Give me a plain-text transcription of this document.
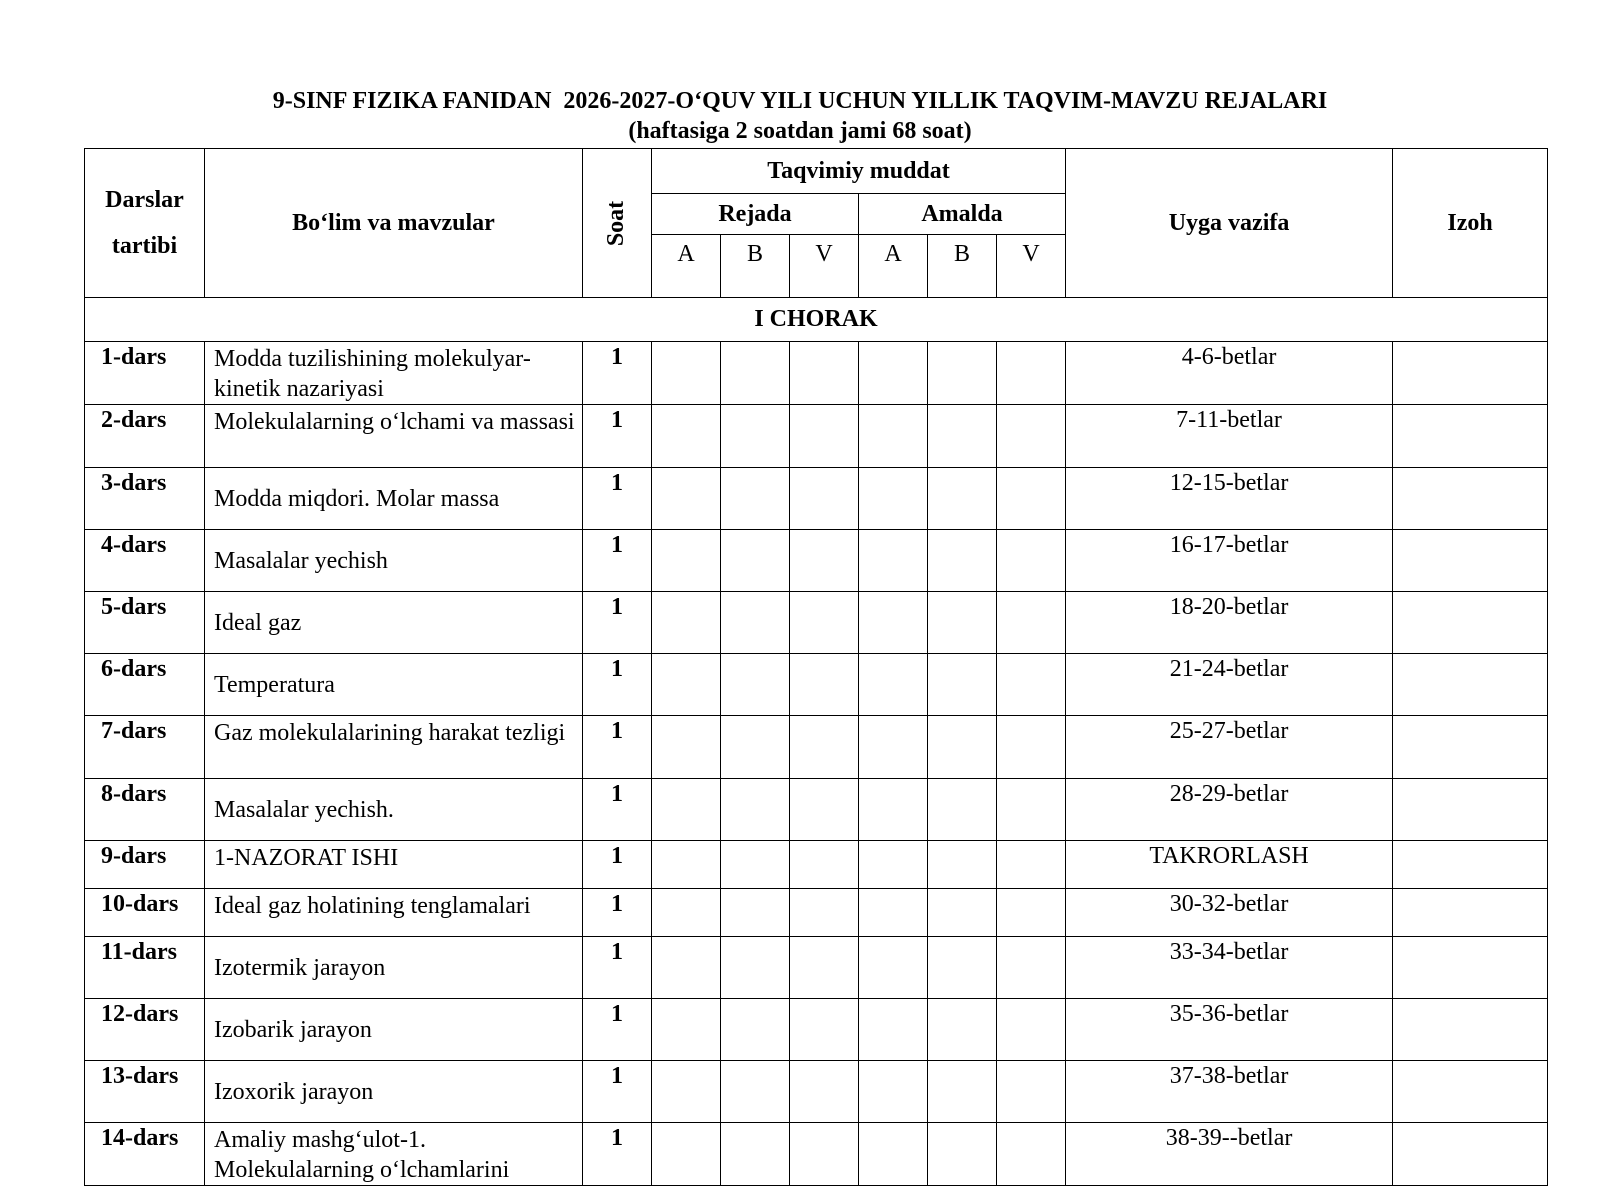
9-SINF FIZIKA FANIDAN  2026-2027-O‘QUV YILI UCHUN YILLIK TAQVIM-MAVZU REJALARI
(haftasiga 2 soatdan jami 68 soat)
Darslar
tartibi	Bo‘lim va mavzular	Soat	Taqvimiy muddat						Uyga vazifa	Izoh
			Rejada			Amalda				
			A	B	V	A	B	V		
I CHORAK										
1-dars	Modda tuzilishining molekulyar-kinetik nazariyasi	1							4-6-betlar	
2-dars	Molekulalarning o‘lchami va massasi	1							7-11-betlar	
3-dars	Modda miqdori. Molar massa	1							12-15-betlar	
4-dars	Masalalar yechish	1							16-17-betlar	
5-dars	Ideal gaz	1							18-20-betlar	
6-dars	Temperatura	1							21-24-betlar	
7-dars	Gaz molekulalarining harakat tezligi	1							25-27-betlar	
8-dars	Masalalar yechish.	1							28-29-betlar	
9-dars	1-NAZORAT ISHI	1							TAKRORLASH	
10-dars	Ideal gaz holatining tenglamalari	1							30-32-betlar	
11-dars	Izotermik jarayon	1							33-34-betlar	
12-dars	Izobarik jarayon	1							35-36-betlar	
13-dars	Izoxorik jarayon	1							37-38-betlar	
14-dars	Amaliy mashg‘ulot-1. Molekulalarning o‘lchamlarini	1							38-39--betlar	
